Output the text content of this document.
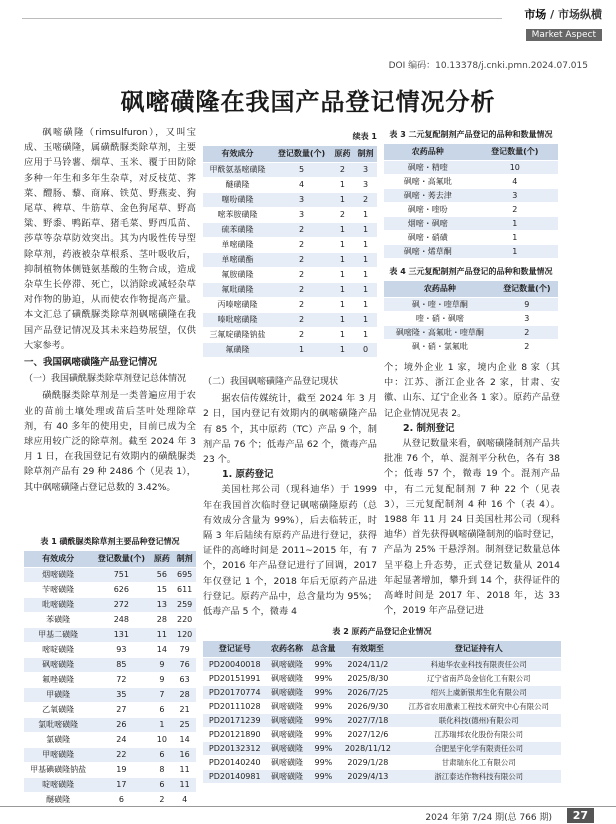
市场 / 市场纵横
Market Aspect
DOI 编码：10.13378/j.cnki.pmn.2024.07.015
砜嘧磺隆在我国产品登记情况分析

砜嘧磺隆（rimsulfuron），又叫宝成、玉嘧磺隆，属磺酰脲类除草剂，主要应用于马铃薯、烟草、玉米、覆于田防除多种一年生和多年生杂草，对反枝苋、荠菜、醴肠、藜、商麻、铁苋、野燕麦、狗尾草、稗草、牛筋草、金色狗尾草、野高粱、野黍、鸭跖草、猪毛菜、野西瓜苗、莎草等杂草防效突出。其为内吸性传导型除草剂，药液被杂草根系、茎叶吸收后，抑制植物体侧链氨基酸的生物合成，造成杂草生长停滞、死亡，以消除或减轻杂草对作物的胁迫，从而使农作物提高产量。本文汇总了磺酰脲类除草剂砜嘧磺隆在我国产品登记情况及其未来趋势展望，仅供大家参考。

一、我国砜嘧磺隆产品登记情况
（一）我国磺酰脲类除草剂登记总体情况

磺酰脲类除草剂是一类普遍应用于农业的苗前土壤处理或苗后茎叶处理除草剂，有 40 多年的使用史，目前已成为全球应用较广泛的除草剂。截至 2024 年 3 月 1 日，在我国登记有效期内的磺酰脲类除草剂产品有 29 种 2486 个（见表 1），其中砜嘧磺隆占登记总数的 3.42%。

表 1 磺酰脲类除草剂主要品种登记情况
有效成分	登记数量(个)	原药	制剂
烟嘧磺隆	751	56	695
苄嘧磺隆	626	15	611
吡嘧磺隆	272	13	259
苯磺隆	248	28	220
甲基二磺隆	131	11	120
嘧啶磺隆	93	14	79
砜嘧磺隆	85	9	76
氟唑磺隆	72	9	63
甲磺隆	35	7	28
乙氧磺隆	27	6	21
氯吡嘧磺隆	26	1	25
氯磺隆	24	10	14
甲嘧磺隆	22	6	16
甲基碘磺隆钠盐	19	8	11
啶嘧磺隆	17	6	11
醚磺隆	6	2	4
续表 1
有效成分	登记数量(个)	原药	制剂
甲酰氨基嘧磺隆	5	2	3
醚磺隆	4	1	3
噻吩磺隆	3	1	2
嘧苯胺磺隆	3	2	1
硫苯磺隆	2	1	1
单嘧磺隆	2	1	1
单嘧磺酯	2	1	1
氟胺磺隆	2	1	1
氟吡磺隆	2	1	1
丙嗪嘧磺隆	2	1	1
嗪吡嘧磺隆	2	1	1
三氟啶磺隆钠盐	2	1	1
氟磺隆	1	1	0
（二）我国砜嘧磺隆产品登记现状

据农信传媒统计，截至 2024 年 3 月 2 日，国内登记有效期内的砜嘧磺隆产品有 85 个，其中原药（TC）产品 9 个，制剂产品 76 个；低毒产品 62 个，微毒产品 23 个。

1. 原药登记

美国杜邦公司（现科迪华）于 1999 年在我国首次临时登记砜嘧磺隆原药（总有效成分含量为 99%），后去临转正，时隔 3 年后陆续有原药产品进行登记，获得证件的高峰时间是 2011~2015 年，有 7 个，2016 年产品登记进行了回调，2017 年仅登记 1 个，2018 年后无原药产品进行登记。原药产品中，总含量均为 95%；低毒产品 5 个，微毒 4

表 3 二元复配制剂产品登记的品种和数量情况
农药品种	登记数量(个)
砜嘧・精喹	10
砜嘧・高氟吡	4
砜嘧・莠去津	3
砜嘧・喹吩	2
烟嘧・砜嘧	1
砜嘧・硝磺	1
砜嘧・烯草酮	1
表 4 三元复配制剂产品登记的品种和数量情况
农药品种	登记数量(个)
砜・喹・喹草酮	9
喹・硝・砜嘧	3
砜嘧隆・高氟吡・喹草酮	2
砜・硝・氯氟吡	2

个；境外企业 1 家，境内企业 8 家（其中：江苏、浙江企业各 2 家，甘肃、安徽、山东、辽宁企业各 1 家）。原药产品登记企业情况见表 2。

2. 制剂登记

从登记数量来看，砜嘧磺隆制剂产品共批准 76 个，单、混剂平分秋色，各有 38 个；低毒 57 个，微毒 19 个。混剂产品中，有二元复配制剂 7 种 22 个（见表 3），三元复配制剂 4 种 16 个（表 4）。1988 年 11 月 24 日美国杜邦公司（现科迪华）首先获得砜嘧磺隆制剂的临时登记，产品为 25% 干悬浮剂。制剂登记数量总体呈平稳上升态势，正式登记数量从 2014 年起显著增加，攀升到 14 个，获得证件的高峰时间是 2017 年、2018 年，达 33 个，2019 年产品登记进

表 2 原药产品登记企业情况
登记证号	农药名称	总含量	有效期至	登记证持有人
PD20040018	砜嘧磺隆	99%	2024/11/2	科迪华农业科技有限责任公司
PD20151991	砜嘧磺隆	99%	2025/8/30	辽宁省南芦岛金信化工有限公司
PD20170774	砜嘧磺隆	99%	2026/7/25	绍兴上虞新银邦生化有限公司
PD20111028	砜嘧磺隆	99%	2026/9/30	江苏省农用激素工程技术研究中心有限公司
PD20171239	砜嘧磺隆	99%	2027/7/18	联化科技(德州)有限公司
PD20121890	砜嘧磺隆	99%	2027/12/6	江苏瑞邦农化股份有限公司
PD20132312	砜嘧磺隆	99%	2028/11/12	合肥星宇化学有限责任公司
PD20140240	砜嘧磺隆	99%	2029/1/28	甘肃瑞东化工有限公司
PD20140981	砜嘧磺隆	99%	2029/4/13	浙江泰达作物科技有限公司
2024 年第 7/24 期(总 766 期)	27
